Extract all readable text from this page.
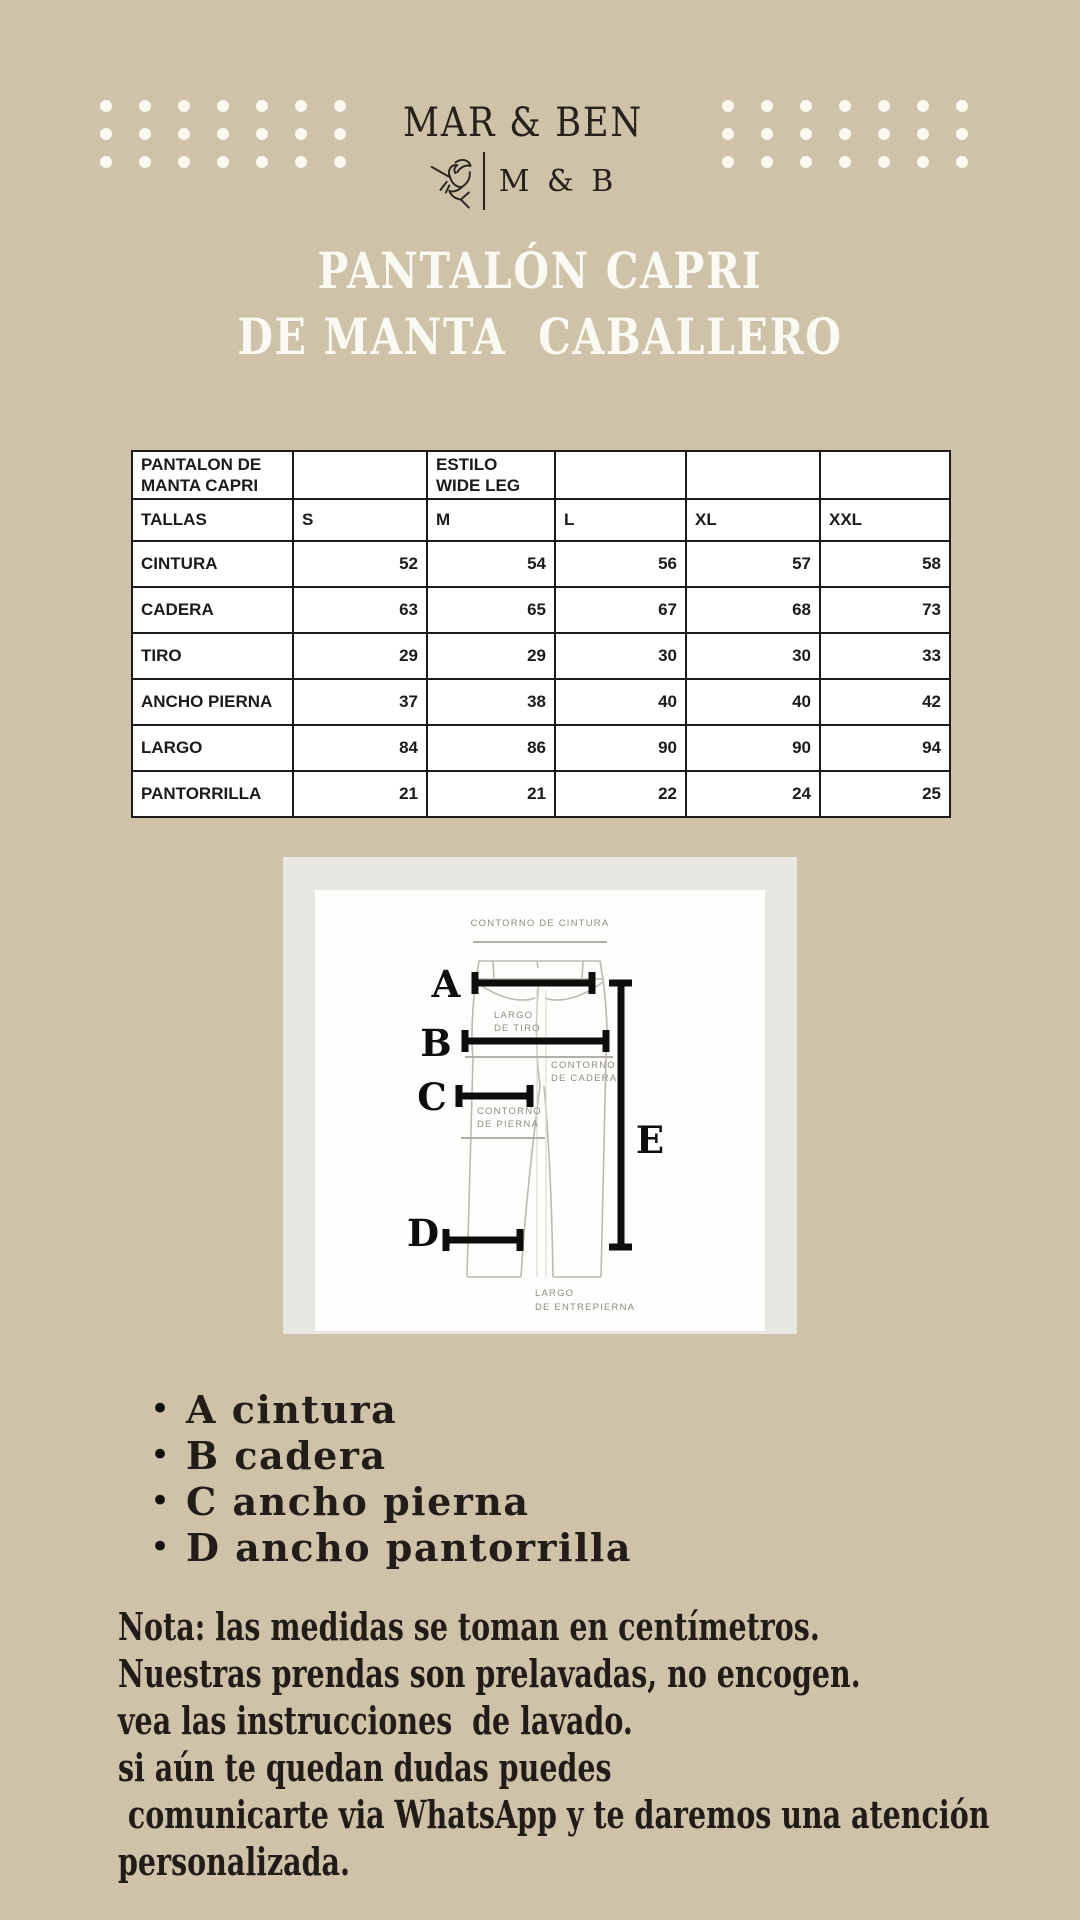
MAR & BEN
M & B
PANTALÓN CAPRI
DE MANTA  CABALLERO
PANTALON DE MANTA CAPRI		ESTILO WIDE LEG			
TALLAS	S	M	L	XL	XXL
CINTURA	52	54	56	57	58
CADERA	63	65	67	68	73
TIRO	29	29	30	30	33
ANCHO PIERNA	37	38	40	40	42
LARGO	84	86	90	90	94
PANTORRILLA	21	21	22	24	25
CONTORNO DE CINTURA
LARGO
DE TIRO
CONTORNO
DE CADERA
CONTORNO
DE PIERNA
LARGO
DE ENTREPIERNA
A
B
C
D
E
• A cintura
• B cadera
• C ancho pierna
• D ancho pantorrilla
Nota: las medidas se toman en centímetros.
Nuestras prendas son prelavadas, no encogen.
vea las instrucciones  de lavado.
si aún te quedan dudas puedes
comunicarte via WhatsApp y te daremos una atención
personalizada.
